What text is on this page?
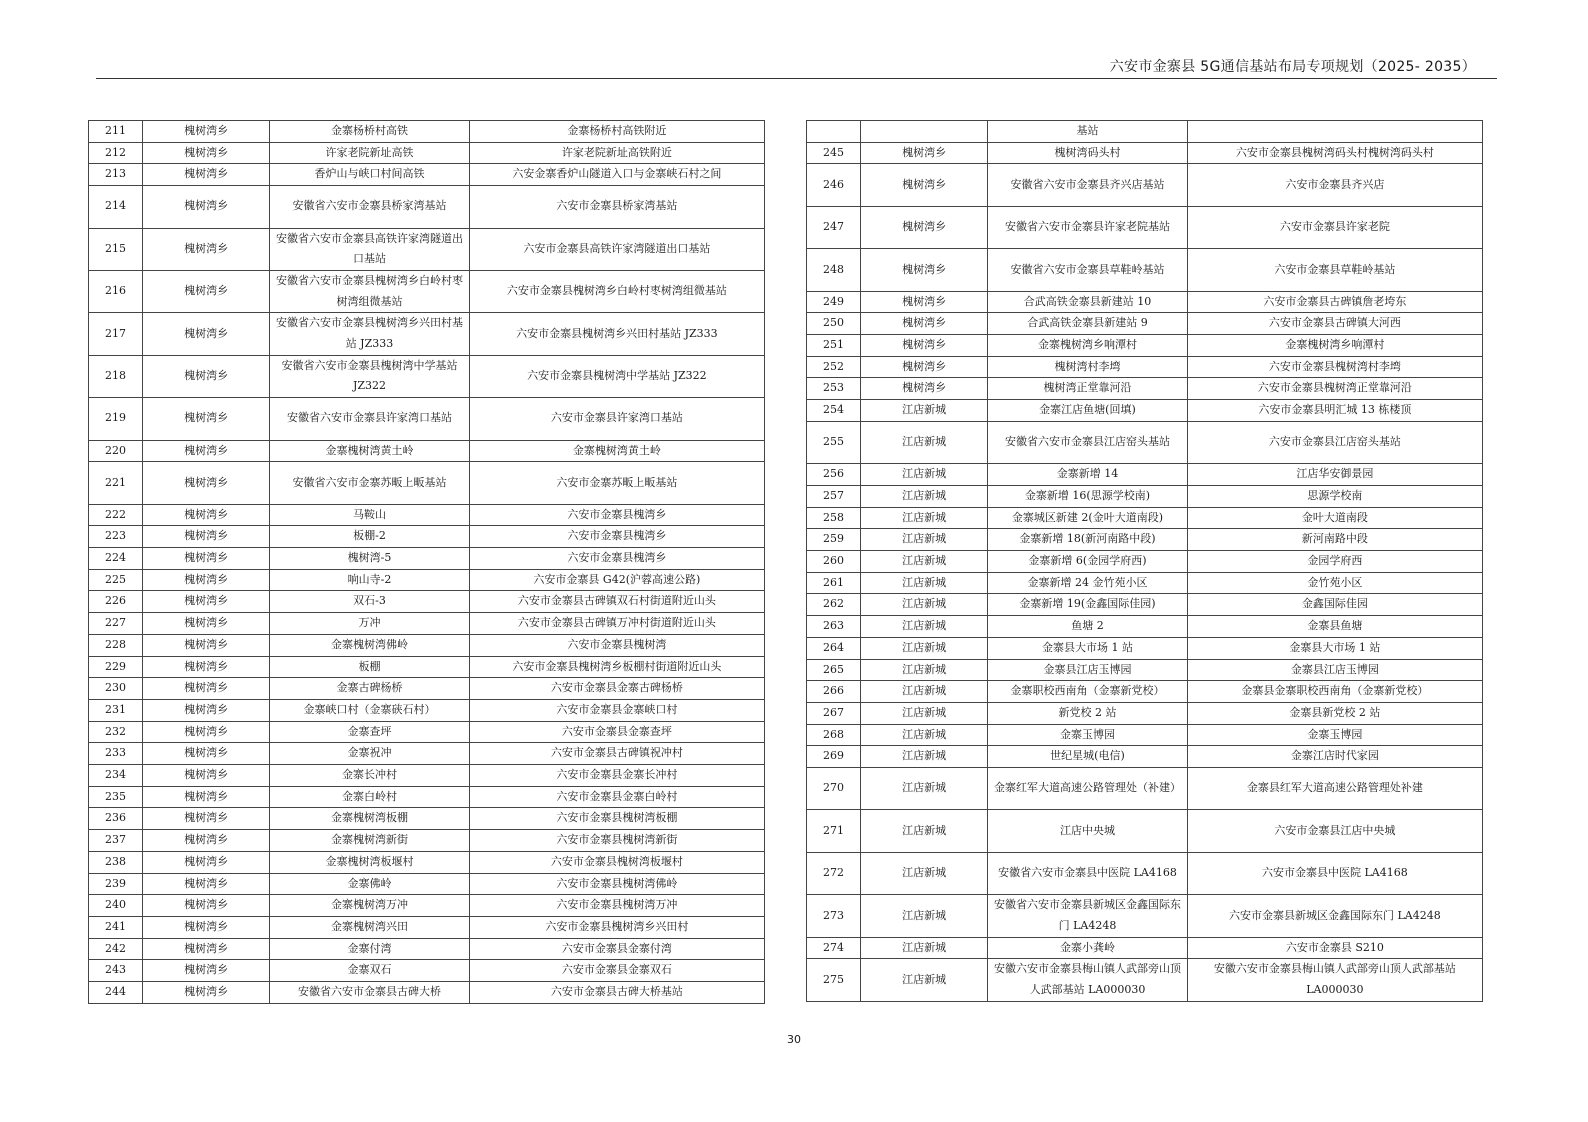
六安市金寨县 5G通信基站布局专项规划（2025- 2035）
211	槐树湾乡	金寨杨桥村高铁	金寨杨桥村高铁附近
212	槐树湾乡	许家老院新址高铁	许家老院新址高铁附近
213	槐树湾乡	香炉山与峡口村间高铁	六安金寨香炉山隧道入口与金寨峡石村之间
214	槐树湾乡	安徽省六安市金寨县桥家湾基站	六安市金寨县桥家湾基站
215	槐树湾乡	安徽省六安市金寨县高铁许家湾隧道出口基站	六安市金寨县高铁许家湾隧道出口基站
216	槐树湾乡	安徽省六安市金寨县槐树湾乡白岭村枣树湾组微基站	六安市金寨县槐树湾乡白岭村枣树湾组微基站
217	槐树湾乡	安徽省六安市金寨县槐树湾乡兴田村基站 JZ333	六安市金寨县槐树湾乡兴田村基站 JZ333
218	槐树湾乡	安徽省六安市金寨县槐树湾中学基站 JZ322	六安市金寨县槐树湾中学基站 JZ322
219	槐树湾乡	安徽省六安市金寨县许家湾口基站	六安市金寨县许家湾口基站
220	槐树湾乡	金寨槐树湾黄土岭	金寨槐树湾黄土岭
221	槐树湾乡	安徽省六安市金寨苏畈上畈基站	六安市金寨苏畈上畈基站
222	槐树湾乡	马鞍山	六安市金寨县槐湾乡
223	槐树湾乡	板棚-2	六安市金寨县槐湾乡
224	槐树湾乡	槐树湾-5	六安市金寨县槐湾乡
225	槐树湾乡	响山寺-2	六安市金寨县 G42(沪蓉高速公路)
226	槐树湾乡	双石-3	六安市金寨县古碑镇双石村街道附近山头
227	槐树湾乡	万冲	六安市金寨县古碑镇万冲村街道附近山头
228	槐树湾乡	金寨槐树湾佛岭	六安市金寨县槐树湾
229	槐树湾乡	板棚	六安市金寨县槐树湾乡板棚村街道附近山头
230	槐树湾乡	金寨古碑杨桥	六安市金寨县金寨古碑杨桥
231	槐树湾乡	金寨峡口村（金寨硖石村）	六安市金寨县金寨峡口村
232	槐树湾乡	金寨查坪	六安市金寨县金寨查坪
233	槐树湾乡	金寨祝冲	六安市金寨县古碑镇祝冲村
234	槐树湾乡	金寨长冲村	六安市金寨县金寨长冲村
235	槐树湾乡	金寨白岭村	六安市金寨县金寨白岭村
236	槐树湾乡	金寨槐树湾板棚	六安市金寨县槐树湾板棚
237	槐树湾乡	金寨槐树湾新街	六安市金寨县槐树湾新街
238	槐树湾乡	金寨槐树湾板堰村	六安市金寨县槐树湾板堰村
239	槐树湾乡	金寨佛岭	六安市金寨县槐树湾佛岭
240	槐树湾乡	金寨槐树湾万冲	六安市金寨县槐树湾万冲
241	槐树湾乡	金寨槐树湾兴田	六安市金寨县槐树湾乡兴田村
242	槐树湾乡	金寨付湾	六安市金寨县金寨付湾
243	槐树湾乡	金寨双石	六安市金寨县金寨双石
244	槐树湾乡	安徽省六安市金寨县古碑大桥	六安市金寨县古碑大桥基站
		基站	
245	槐树湾乡	槐树湾码头村	六安市金寨县槐树湾码头村槐树湾码头村
246	槐树湾乡	安徽省六安市金寨县齐兴店基站	六安市金寨县齐兴店
247	槐树湾乡	安徽省六安市金寨县许家老院基站	六安市金寨县许家老院
248	槐树湾乡	安徽省六安市金寨县草鞋岭基站	六安市金寨县草鞋岭基站
249	槐树湾乡	合武高铁金寨县新建站 10	六安市金寨县古碑镇詹老垮东
250	槐树湾乡	合武高铁金寨县新建站 9	六安市金寨县古碑镇大河西
251	槐树湾乡	金寨槐树湾乡响潭村	金寨槐树湾乡响潭村
252	槐树湾乡	槐树湾村李塆	六安市金寨县槐树湾村李塆
253	槐树湾乡	槐树湾正堂靠河沿	六安市金寨县槐树湾正堂靠河沿
254	江店新城	金寨江店鱼塘(回填)	六安市金寨县明汇城 13 栋楼顶
255	江店新城	安徽省六安市金寨县江店窑头基站	六安市金寨县江店窑头基站
256	江店新城	金寨新增 14	江店华安御景园
257	江店新城	金寨新增 16(思源学校南)	思源学校南
258	江店新城	金寨城区新建 2(金叶大道南段)	金叶大道南段
259	江店新城	金寨新增 18(新河南路中段)	新河南路中段
260	江店新城	金寨新增 6(金园学府西)	金园学府西
261	江店新城	金寨新增 24 金竹苑小区	金竹苑小区
262	江店新城	金寨新增 19(金鑫国际佳园)	金鑫国际佳园
263	江店新城	鱼塘 2	金寨县鱼塘
264	江店新城	金寨县大市场 1 站	金寨县大市场 1 站
265	江店新城	金寨县江店玉博园	金寨县江店玉博园
266	江店新城	金寨职校西南角（金寨新党校）	金寨县金寨职校西南角（金寨新党校）
267	江店新城	新党校 2 站	金寨县新党校 2 站
268	江店新城	金寨玉博园	金寨玉博园
269	江店新城	世纪星城(电信)	金寨江店时代家园
270	江店新城	金寨红军大道高速公路管理处（补建）	金寨县红军大道高速公路管理处补建
271	江店新城	江店中央城	六安市金寨县江店中央城
272	江店新城	安徽省六安市金寨县中医院 LA4168	六安市金寨县中医院 LA4168
273	江店新城	安徽省六安市金寨县新城区金鑫国际东门 LA4248	六安市金寨县新城区金鑫国际东门 LA4248
274	江店新城	金寨小龚岭	六安市金寨县 S210
275	江店新城	安徽六安市金寨县梅山镇人武部旁山顶人武部基站 LA000030	安徽六安市金寨县梅山镇人武部旁山顶人武部基站 LA000030
30
